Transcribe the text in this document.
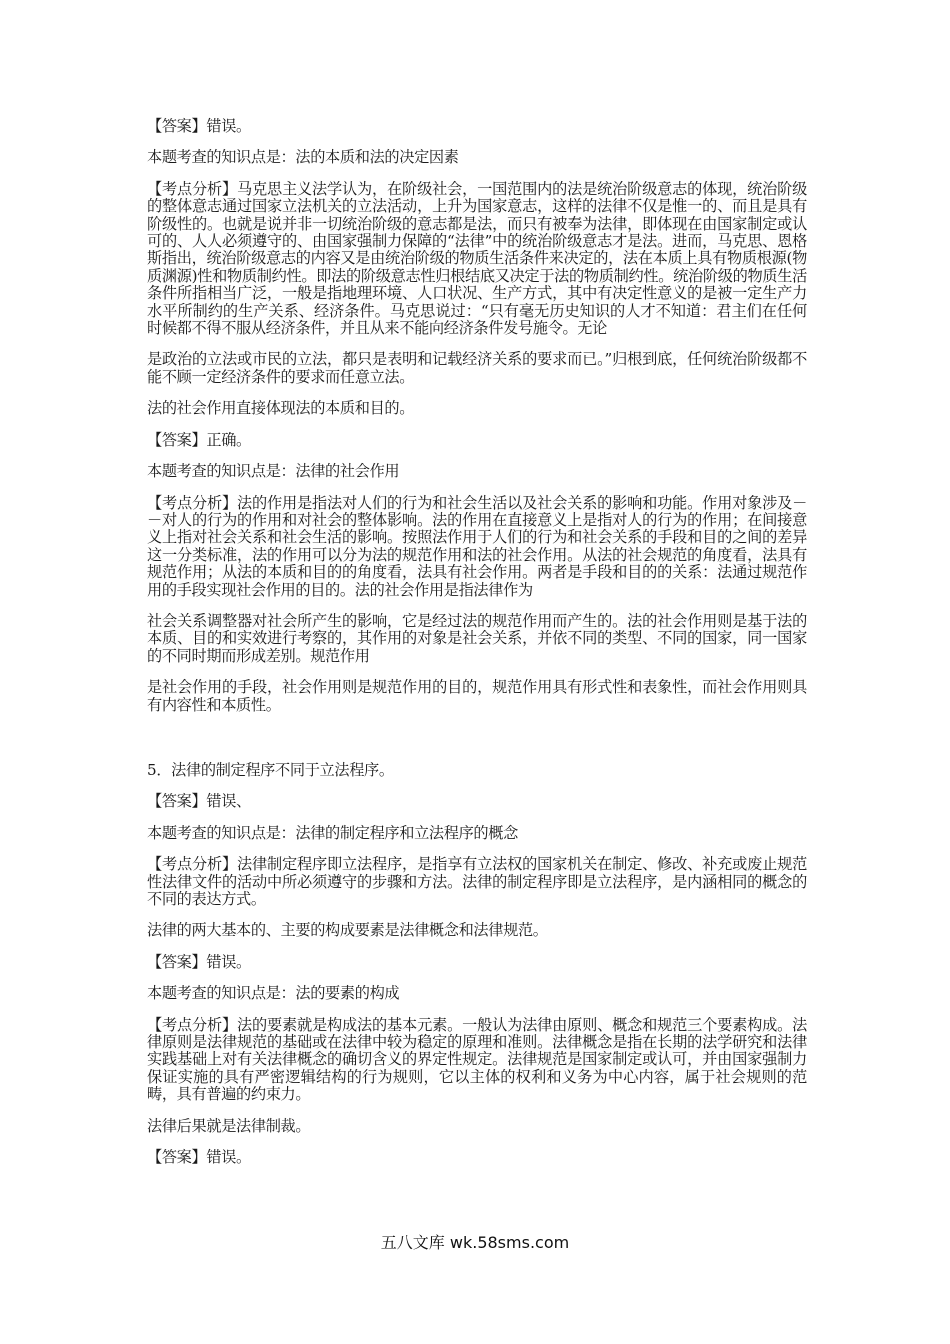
【答案】错误。

本题考查的知识点是：法的本质和法的决定因素

【考点分析】马克思主义法学认为，在阶级社会，一国范围内的法是统治阶级意志的体现，统治阶级的整体意志通过国家立法机关的立法活动，上升为国家意志，这样的法律不仅是惟一的、而且是具有阶级性的。也就是说并非一切统治阶级的意志都是法，而只有被奉为法律，即体现在由国家制定或认可的、人人必须遵守的、由国家强制力保障的“法律”中的统治阶级意志才是法。进而，马克思、恩格斯指出，统治阶级意志的内容又是由统治阶级的物质生活条件来决定的，法在本质上具有物质根源(物质渊源)性和物质制约性。即法的阶级意志性归根结底又决定于法的物质制约性。统治阶级的物质生活条件所指相当广泛，一般是指地理环境、人口状况、生产方式，其中有决定性意义的是被一定生产力水平所制约的生产关系、经济条件。马克思说过：“只有毫无历史知识的人才不知道：君主们在任何时候都不得不服从经济条件，并且从来不能向经济条件发号施令。无论

是政治的立法或市民的立法，都只是表明和记载经济关系的要求而已。”归根到底，任何统治阶级都不能不顾一定经济条件的要求而任意立法。

法的社会作用直接体现法的本质和目的。

【答案】正确。

本题考查的知识点是：法律的社会作用

【考点分析】法的作用是指法对人们的行为和社会生活以及社会关系的影响和功能。作用对象涉及－－对人的行为的作用和对社会的整体影响。法的作用在直接意义上是指对人的行为的作用；在间接意义上指对社会关系和社会生活的影响。按照法作用于人们的行为和社会关系的手段和目的之间的差异这一分类标准，法的作用可以分为法的规范作用和法的社会作用。从法的社会规范的角度看，法具有规范作用；从法的本质和目的的角度看，法具有社会作用。两者是手段和目的的关系：法通过规范作用的手段实现社会作用的目的。法的社会作用是指法律作为

社会关系调整器对社会所产生的影响，它是经过法的规范作用而产生的。法的社会作用则是基于法的本质、目的和实效进行考察的，其作用的对象是社会关系，并依不同的类型、不同的国家，同一国家的不同时期而形成差别。规范作用

是社会作用的手段，社会作用则是规范作用的目的，规范作用具有形式性和表象性，而社会作用则具有内容性和本质性。

5．法律的制定程序不同于立法程序。

【答案】错误、

本题考查的知识点是：法律的制定程序和立法程序的概念

【考点分析】法律制定程序即立法程序，是指享有立法权的国家机关在制定、修改、补充或废止规范性法律文件的活动中所必须遵守的步骤和方法。法律的制定程序即是立法程序，是内涵相同的概念的不同的表达方式。

法律的两大基本的、主要的构成要素是法律概念和法律规范。

【答案】错误。

本题考查的知识点是：法的要素的构成

【考点分析】法的要素就是构成法的基本元素。一般认为法律由原则、概念和规范三个要素构成。法律原则是法律规范的基础或在法律中较为稳定的原理和准则。法律概念是指在长期的法学研究和法律实践基础上对有关法律概念的确切含义的界定性规定。法律规范是国家制定或认可，并由国家强制力保证实施的具有严密逻辑结构的行为规则，它以主体的权利和义务为中心内容，属于社会规则的范畴，具有普遍的约束力。

法律后果就是法律制裁。

【答案】错误。

五八文库 wk.58sms.com
